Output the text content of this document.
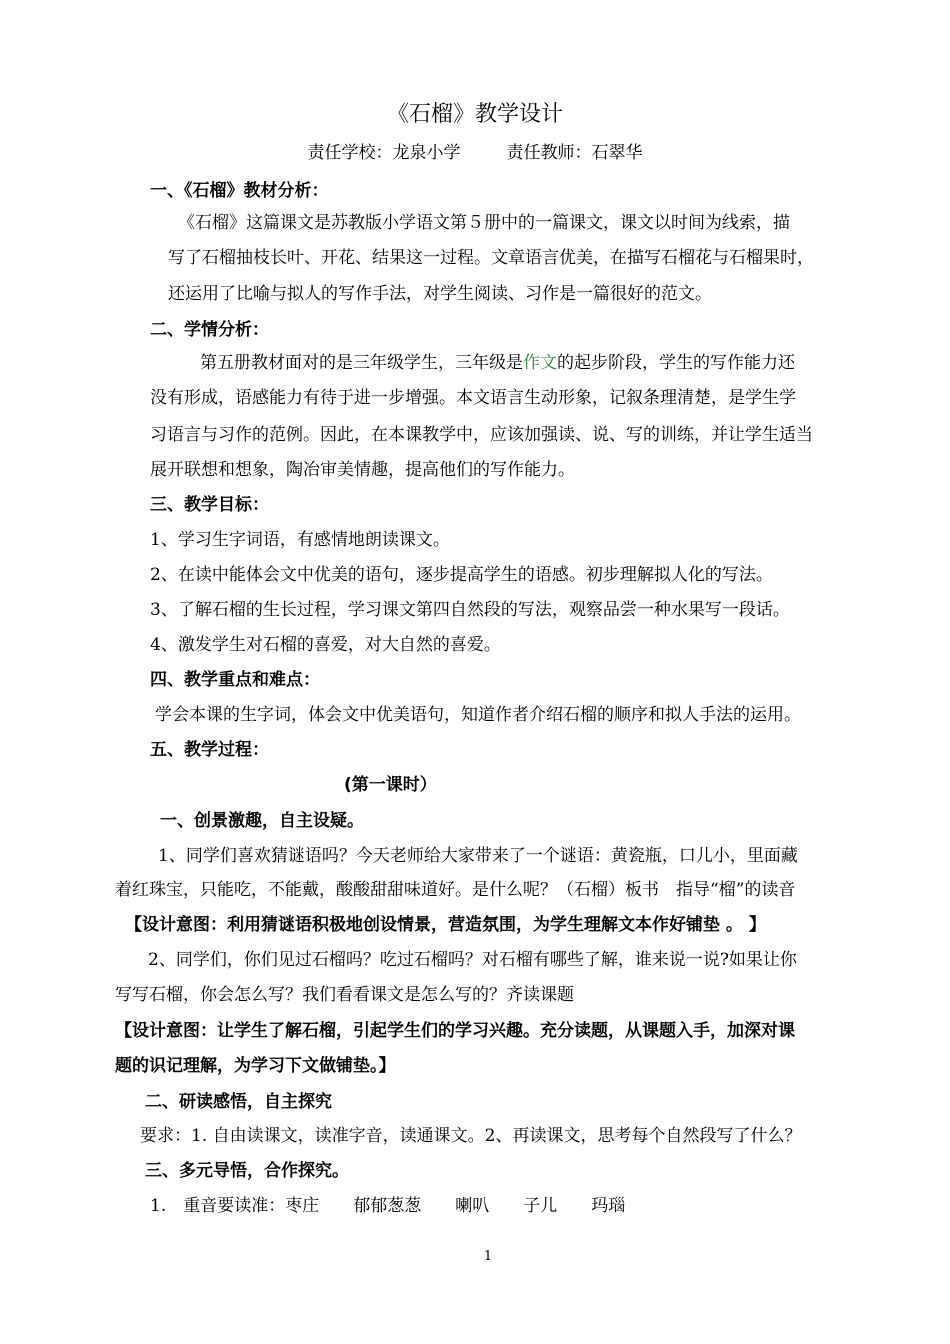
《石榴》教学设计
责任学校：龙泉小学	责任教师：石翠华
一、《石榴》教材分析：
《石榴》这篇课文是苏教版小学语文第５册中的一篇课文，课文以时间为线索，描
写了石榴抽枝长叶、开花、结果这一过程。文章语言优美，在描写石榴花与石榴果时，
还运用了比喻与拟人的写作手法，对学生阅读、习作是一篇很好的范文。
二、学情分析：
第五册教材面对的是三年级学生，三年级是作文的起步阶段，学生的写作能力还
没有形成，语感能力有待于进一步增强。本文语言生动形象，记叙条理清楚，是学生学
习语言与习作的范例。因此，在本课教学中，应该加强读、说、写的训练，并让学生适当
展开联想和想象，陶冶审美情趣，提高他们的写作能力。
三、教学目标：
1、学习生字词语，有感情地朗读课文。
2、在读中能体会文中优美的语句，逐步提高学生的语感。初步理解拟人化的写法。
3、了解石榴的生长过程，学习课文第四自然段的写法，观察品尝一种水果写一段话。
4、激发学生对石榴的喜爱，对大自然的喜爱。
四、教学重点和难点：
学会本课的生字词，体会文中优美语句，知道作者介绍石榴的顺序和拟人手法的运用。
五、教学过程：
(第一课时）
一、创景激趣，自主设疑。
1、同学们喜欢猜谜语吗？今天老师给大家带来了一个谜语：黄瓷瓶，口儿小，里面藏
着红珠宝，只能吃，不能戴，酸酸甜甜味道好。是什么呢？（石榴）板书　指导“榴”的读音
【设计意图：利用猜谜语积极地创设情景，营造氛围，为学生理解文本作好铺垫 。 】
2、同学们，你们见过石榴吗？吃过石榴吗？对石榴有哪些了解，谁来说一说?如果让你
写写石榴，你会怎么写？我们看看课文是怎么写的？齐读课题
【设计意图：让学生了解石榴，引起学生们的学习兴趣。充分读题，从课题入手，加深对课
题的识记理解，为学习下文做铺垫。】
二、研读感悟，自主探究
要求：1. 自由读课文，读准字音，读通课文。2、再读课文，思考每个自然段写了什么？
三、多元导悟，合作探究。
1.　重音要读准：枣庄 郁郁葱葱 喇叭 子儿 玛瑙
1
